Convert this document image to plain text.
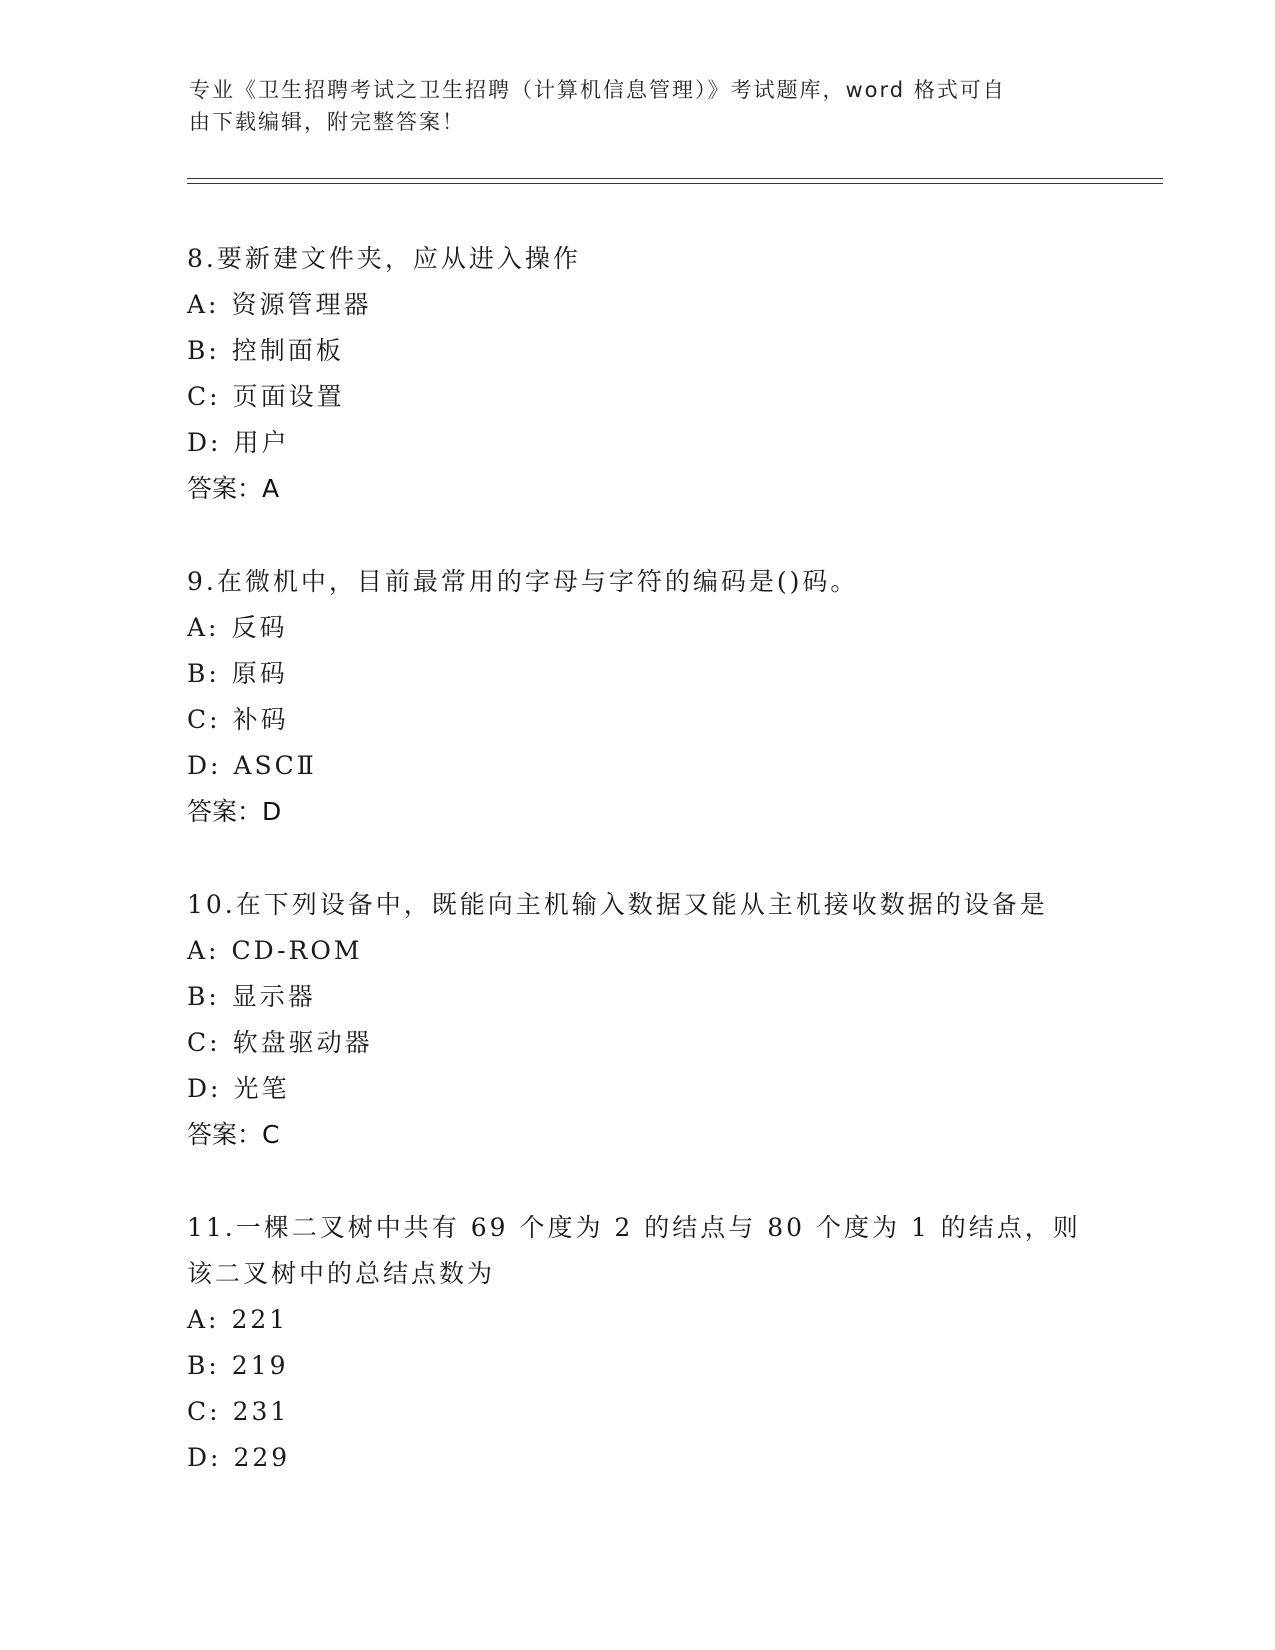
专业《卫生招聘考试之卫生招聘（计算机信息管理）》考试题库，word 格式可自
由下载编辑，附完整答案！
8.要新建文件夹，应从进入操作
A: 资源管理器
B: 控制面板
C: 页面设置
D: 用户
答案：A
9.在微机中，目前最常用的字母与字符的编码是()码。
A: 反码
B: 原码
C: 补码
D: ASCⅡ
答案：D
10.在下列设备中，既能向主机输入数据又能从主机接收数据的设备是
A: CD-ROM
B: 显示器
C: 软盘驱动器
D: 光笔
答案：C
11.一棵二叉树中共有 69 个度为 2 的结点与 80 个度为 1 的结点，则该二叉树中的总结点数为
A: 221
B: 219
C: 231
D: 229
